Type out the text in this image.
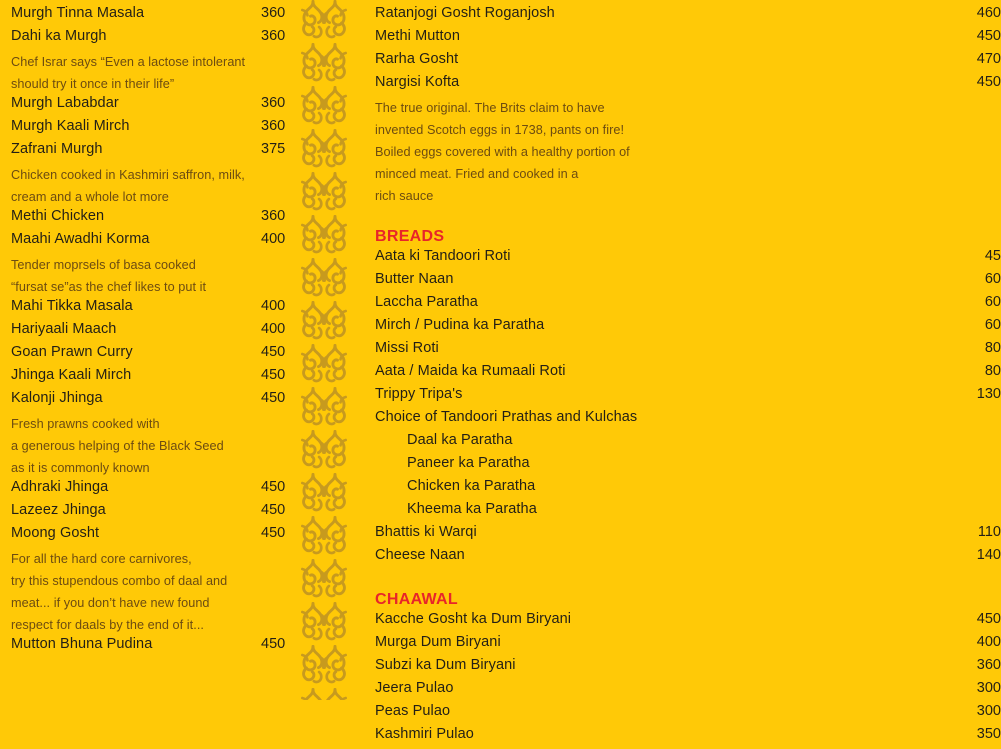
Murgh Tinna Masala	360
Dahi ka Murgh	360
Chef Israr says “Even a lactose intolerant
should try it once in their life”
Murgh Lababdar	360
Murgh Kaali Mirch	360
Zafrani Murgh	375
Chicken cooked in Kashmiri saffron, milk,
cream and a whole lot more
Methi Chicken	360
Maahi Awadhi Korma	400
Tender moprsels of basa cooked
“fursat se”as the chef likes to put it
Mahi Tikka Masala	400
Hariyaali Maach	400
Goan Prawn Curry	450
Jhinga Kaali Mirch	450
Kalonji Jhinga	450
Fresh prawns cooked with
a generous helping of the Black Seed
as it is commonly known
Adhraki Jhinga	450
Lazeez Jhinga	450
Moong Gosht	450
For all the hard core carnivores,
try this stupendous combo of daal and
meat... if you don’t have new found
respect for daals by the end of it...
Mutton Bhuna Pudina	450
Ratanjogi Gosht Roganjosh	460
Methi Mutton	450
Rarha Gosht	470
Nargisi Kofta	450
The true original. The Brits claim to have
invented Scotch eggs in 1738, pants on fire!
Boiled eggs covered with a healthy portion of
minced meat. Fried and cooked in a
rich sauce
BREADS
Aata ki Tandoori Roti	45
Butter Naan	60
Laccha Paratha	60
Mirch / Pudina ka Paratha	60
Missi Roti	80
Aata / Maida ka Rumaali Roti	80
Trippy Tripa's	130
Choice of Tandoori Prathas and Kulchas
Daal ka Paratha
Paneer ka Paratha
Chicken ka Paratha
Kheema ka Paratha
Bhattis ki Warqi	110
Cheese Naan	140
CHAAWAL
Kacche Gosht ka Dum Biryani	450
Murga Dum Biryani	400
Subzi ka Dum Biryani	360
Jeera Pulao	300
Peas Pulao	300
Kashmiri Pulao	350
